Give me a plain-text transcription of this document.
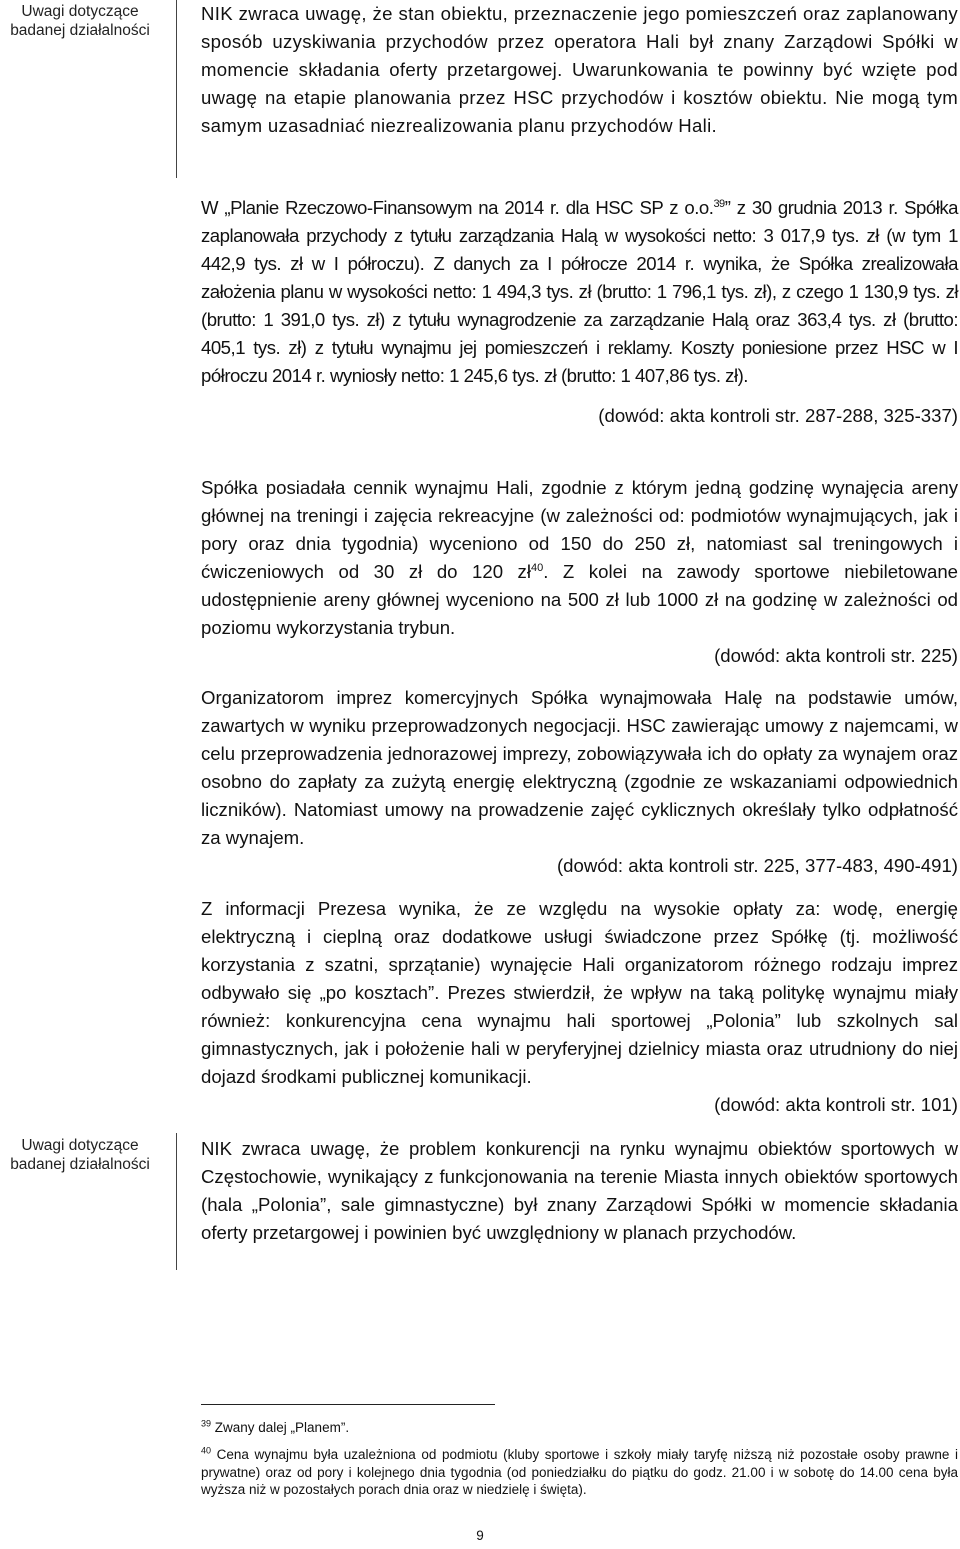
Uwagi dotyczące badanej działalności
Uwagi dotyczące badanej działalności

NIK zwraca uwagę, że stan obiektu, przeznaczenie jego pomieszczeń oraz zaplanowany sposób uzyskiwania przychodów przez operatora Hali był znany Zarządowi Spółki w momencie składania oferty przetargowej. Uwarunkowania te powinny być wzięte pod uwagę na etapie planowania przez HSC przychodów i kosztów obiektu. Nie mogą tym samym uzasadniać niezrealizowania planu przychodów Hali.

W „Planie Rzeczowo-Finansowym na 2014 r. dla HSC SP z o.o.$^{39}$” z 30 grudnia 2013 r. Spółka zaplanowała przychody z tytułu zarządzania Halą w wysokości netto: 3 017,9 tys. zł (w tym 1 442,9 tys. zł w I półroczu). Z danych za I półrocze 2014 r. wynika, że Spółka zrealizowała założenia planu w wysokości netto: 1 494,3 tys. zł (brutto: 1 796,1 tys. zł), z czego 1 130,9 tys. zł (brutto: 1 391,0 tys. zł) z tytułu wynagrodzenie za zarządzanie Halą oraz 363,4 tys. zł (brutto: 405,1 tys. zł) z tytułu wynajmu jej pomieszczeń i reklamy. Koszty poniesione przez HSC w I półroczu 2014 r. wyniosły netto: 1 245,6 tys. zł (brutto: 1 407,86 tys. zł).

(dowód: akta kontroli str. 287-288, 325-337)

Spółka posiadała cennik wynajmu Hali, zgodnie z którym jedną godzinę wynajęcia areny głównej na treningi i zajęcia rekreacyjne (w zależności od: podmiotów wynajmujących, jak i pory oraz dnia tygodnia) wyceniono od 150 do 250 zł, natomiast sal treningowych i ćwiczeniowych od 30 zł do 120 $zł^{40}$. Z kolei na zawody sportowe niebiletowane udostępnienie areny głównej wyceniono na 500 zł lub 1000 zł na godzinę w zależności od poziomu wykorzystania trybun.

(dowód: akta kontroli str. 225)

Organizatorom imprez komercyjnych Spółka wynajmowała Halę na podstawie umów, zawartych w wyniku przeprowadzonych negocjacji. HSC zawierając umowy z najemcami, w celu przeprowadzenia jednorazowej imprezy, zobowiązywała ich do opłaty za wynajem oraz osobno do zapłaty za zużytą energię elektryczną (zgodnie ze wskazaniami odpowiednich liczników). Natomiast umowy na prowadzenie zajęć cyklicznych określały tylko odpłatność za wynajem.

(dowód: akta kontroli str. 225, 377-483, 490-491)

Z informacji Prezesa wynika, że ze względu na wysokie opłaty za: wodę, energię elektryczną i cieplną oraz dodatkowe usługi świadczone przez Spółkę (tj. możliwość korzystania z szatni, sprzątanie) wynajęcie Hali organizatorom różnego rodzaju imprez odbywało się „po kosztach”. Prezes stwierdził, że wpływ na taką politykę wynajmu miały również: konkurencyjna cena wynajmu hali sportowej „Polonia” lub szkolnych sal gimnastycznych, jak i położenie hali w peryferyjnej dzielnicy miasta oraz utrudniony do niej dojazd środkami publicznej komunikacji.

(dowód: akta kontroli str. 101)

NIK zwraca uwagę, że problem konkurencji na rynku wynajmu obiektów sportowych w Częstochowie, wynikający z funkcjonowania na terenie Miasta innych obiektów sportowych (hala „Polonia”, sale gimnastyczne) był znany Zarządowi Spółki w momencie składania oferty przetargowej i powinien być uwzględniony w planach przychodów.

$^{39}$ Zwany dalej „Planem”.

$^{40}$ Cena wynajmu była uzależniona od podmiotu (kluby sportowe i szkoły miały taryfę niższą niż pozostałe osoby prawne i prywatne) oraz od pory i kolejnego dnia tygodnia (od poniedziałku do piątku do godz. 21.00 i w sobotę do 14.00 cena była wyższa niż w pozostałych porach dnia oraz w niedzielę i święta).

9
